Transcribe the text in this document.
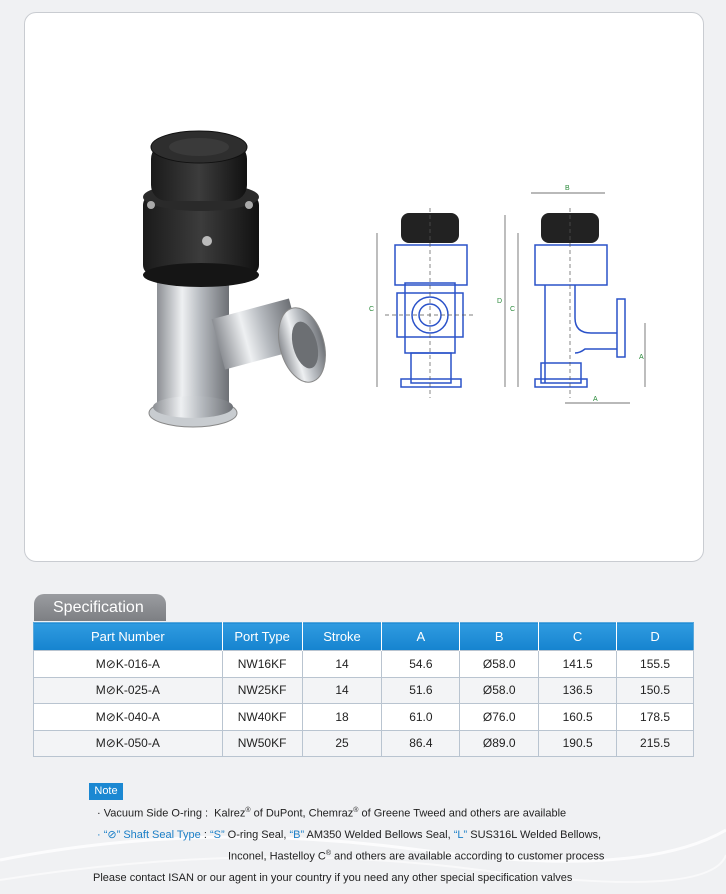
C
D
C
B
A
A
Specification
Part Number	Port Type	Stroke	A	B	C	D
M⊘K-016-A	NW16KF	14	54.6	Ø58.0	141.5	155.5
M⊘K-025-A	NW25KF	14	51.6	Ø58.0	136.5	150.5
M⊘K-040-A	NW40KF	18	61.0	Ø76.0	160.5	178.5
M⊘K-050-A	NW50KF	25	86.4	Ø89.0	190.5	215.5
Note
· Vacuum Side O-ring :  Kalrez® of DuPont, Chemraz® of Greene Tweed and others are available
· “⊘” Shaft Seal Type : “S” O-ring Seal, “B” AM350 Welded Bellows Seal, “L” SUS316L Welded Bellows,
Inconel, Hastelloy C® and others are available according to customer process
Please contact ISAN or our agent in your country if you need any other special specification valves
